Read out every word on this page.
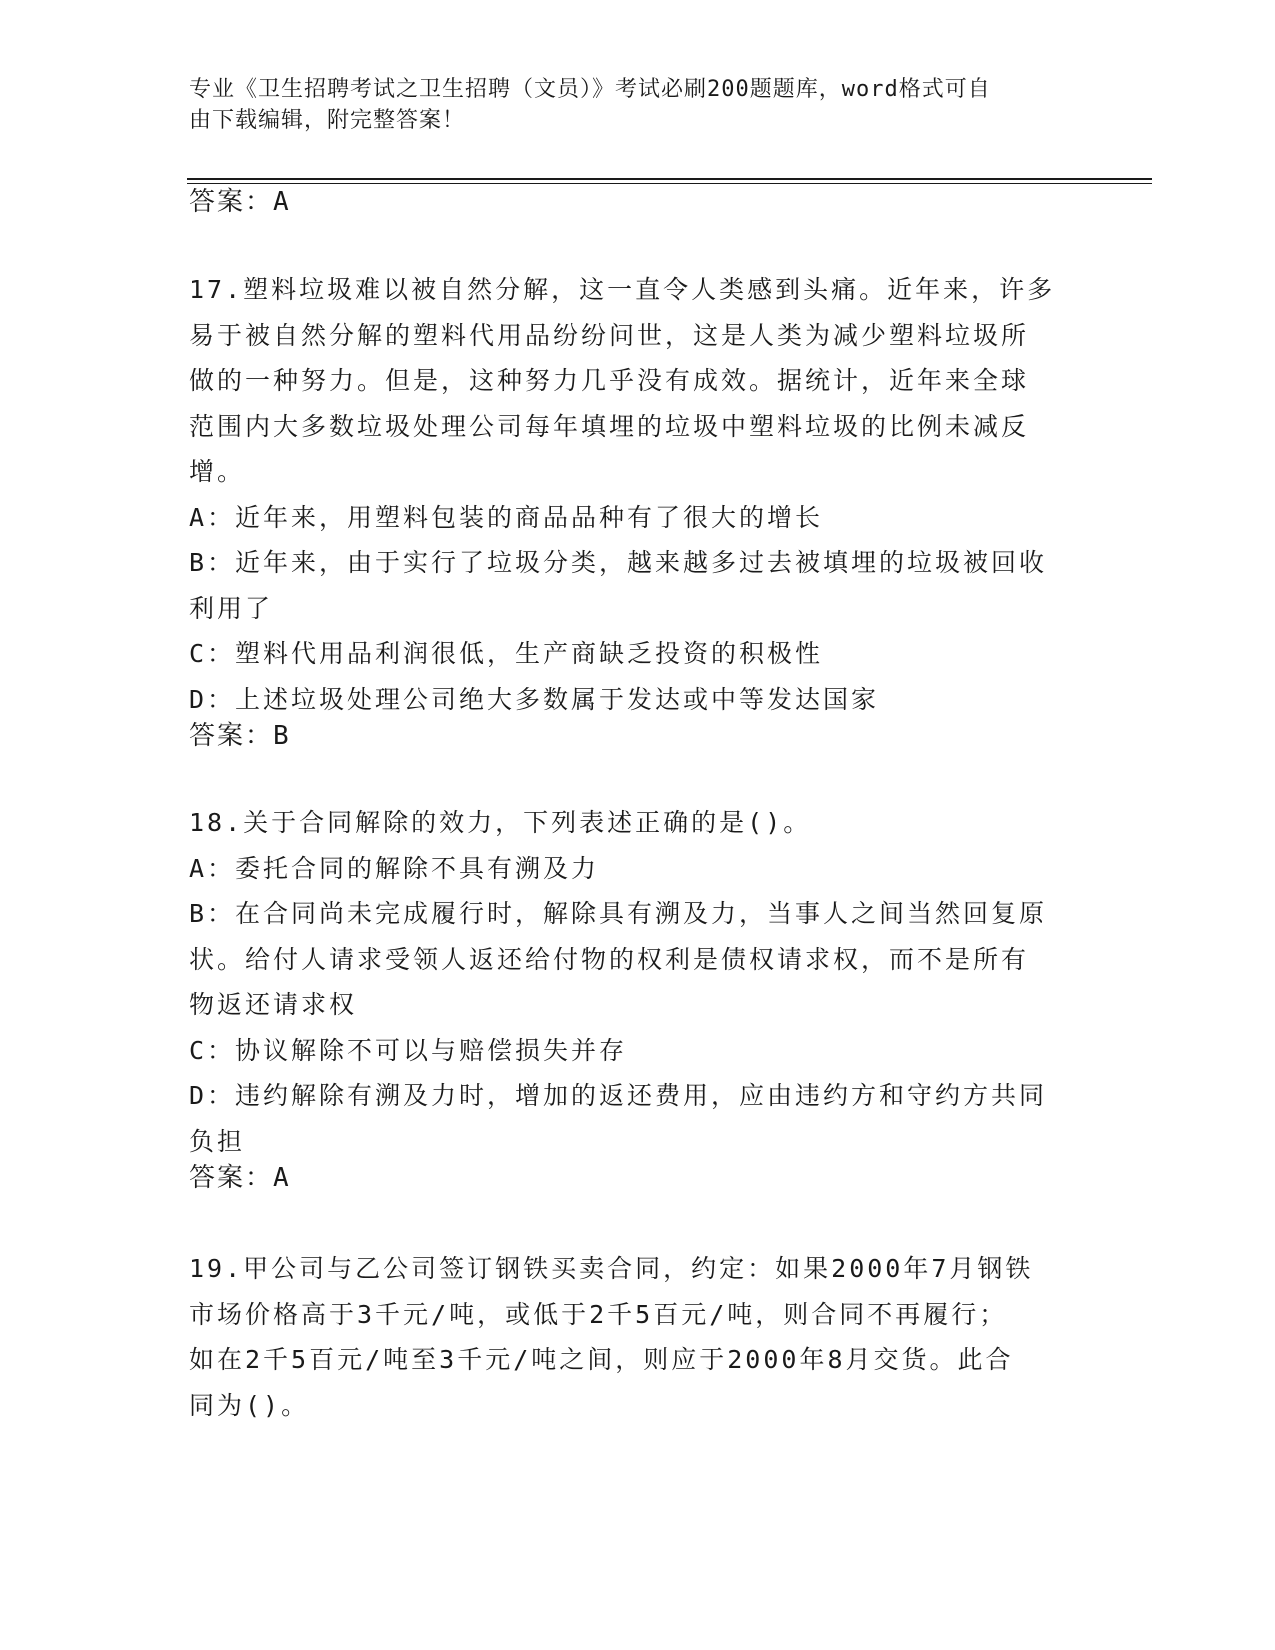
专业《卫生招聘考试之卫生招聘（文员）》考试必刷200题题库，word格式可自
由下载编辑，附完整答案！
答案：A
17.塑料垃圾难以被自然分解，这一直令人类感到头痛。近年来，许多
易于被自然分解的塑料代用品纷纷问世，这是人类为减少塑料垃圾所
做的一种努力。但是，这种努力几乎没有成效。据统计，近年来全球
范围内大多数垃圾处理公司每年填埋的垃圾中塑料垃圾的比例未减反
增。
A：近年来，用塑料包装的商品品种有了很大的增长
B：近年来，由于实行了垃圾分类，越来越多过去被填埋的垃圾被回收
利用了
C：塑料代用品利润很低，生产商缺乏投资的积极性
D：上述垃圾处理公司绝大多数属于发达或中等发达国家
答案：B
18.关于合同解除的效力，下列表述正确的是()。
A：委托合同的解除不具有溯及力
B：在合同尚未完成履行时，解除具有溯及力，当事人之间当然回复原
状。给付人请求受领人返还给付物的权利是债权请求权，而不是所有
物返还请求权
C：协议解除不可以与赔偿损失并存
D：违约解除有溯及力时，增加的返还费用，应由违约方和守约方共同
负担
答案：A
19.甲公司与乙公司签订钢铁买卖合同，约定：如果2000年7月钢铁
市场价格高于3千元/吨，或低于2千5百元/吨，则合同不再履行；
如在2千5百元/吨至3千元/吨之间，则应于2000年8月交货。此合
同为()。
